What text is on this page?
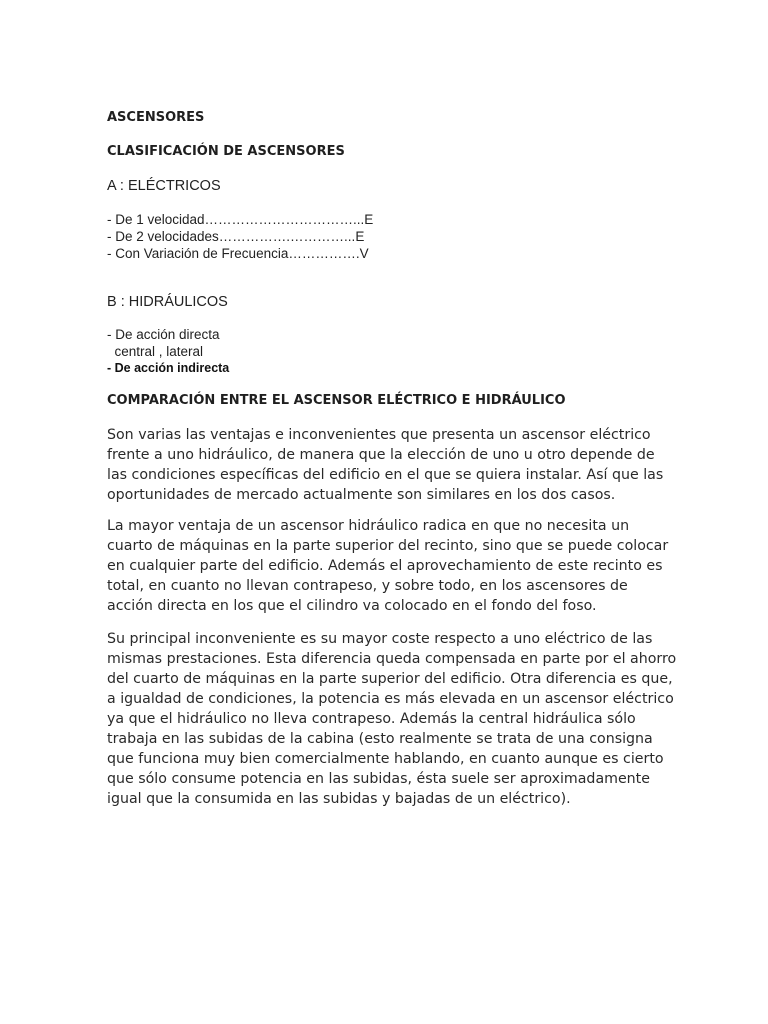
ASCENSORES

CLASIFICACIÓN DE ASCENSORES

A : ELÉCTRICOS

- De 1 velocidad……………………………...E

- De 2 velocidades…………….…………...E

- Con Variación de Frecuencia…………….V

B : HIDRÁULICOS

- De acción directa

central , lateral

- De acción indirecta

COMPARACIÓN ENTRE EL ASCENSOR ELÉCTRICO E HIDRÁULICO

Son varias las ventajas e inconvenientes que presenta un ascensor eléctrico
frente a uno hidráulico, de manera que la elección de uno u otro depende de
las condiciones específicas del edificio en el que se quiera instalar. Así que las
oportunidades de mercado actualmente son similares en los dos casos.
La mayor ventaja de un ascensor hidráulico radica en que no necesita un
cuarto de máquinas en la parte superior del recinto, sino que se puede colocar
en cualquier parte del edificio. Además el aprovechamiento de este recinto es
total, en cuanto no llevan contrapeso, y sobre todo, en los ascensores de
acción directa en los que el cilindro va colocado en el fondo del foso.
Su principal inconveniente es su mayor coste respecto a uno eléctrico de las
mismas prestaciones. Esta diferencia queda compensada en parte por el ahorro
del cuarto de máquinas en la parte superior del edificio. Otra diferencia es que,
a igualdad de condiciones, la potencia es más elevada en un ascensor eléctrico
ya que el hidráulico no lleva contrapeso. Además la central hidráulica sólo
trabaja en las subidas de la cabina (esto realmente se trata de una consigna
que funciona muy bien comercialmente hablando, en cuanto aunque es cierto
que sólo consume potencia en las subidas, ésta suele ser aproximadamente
igual que la consumida en las subidas y bajadas de un eléctrico).
